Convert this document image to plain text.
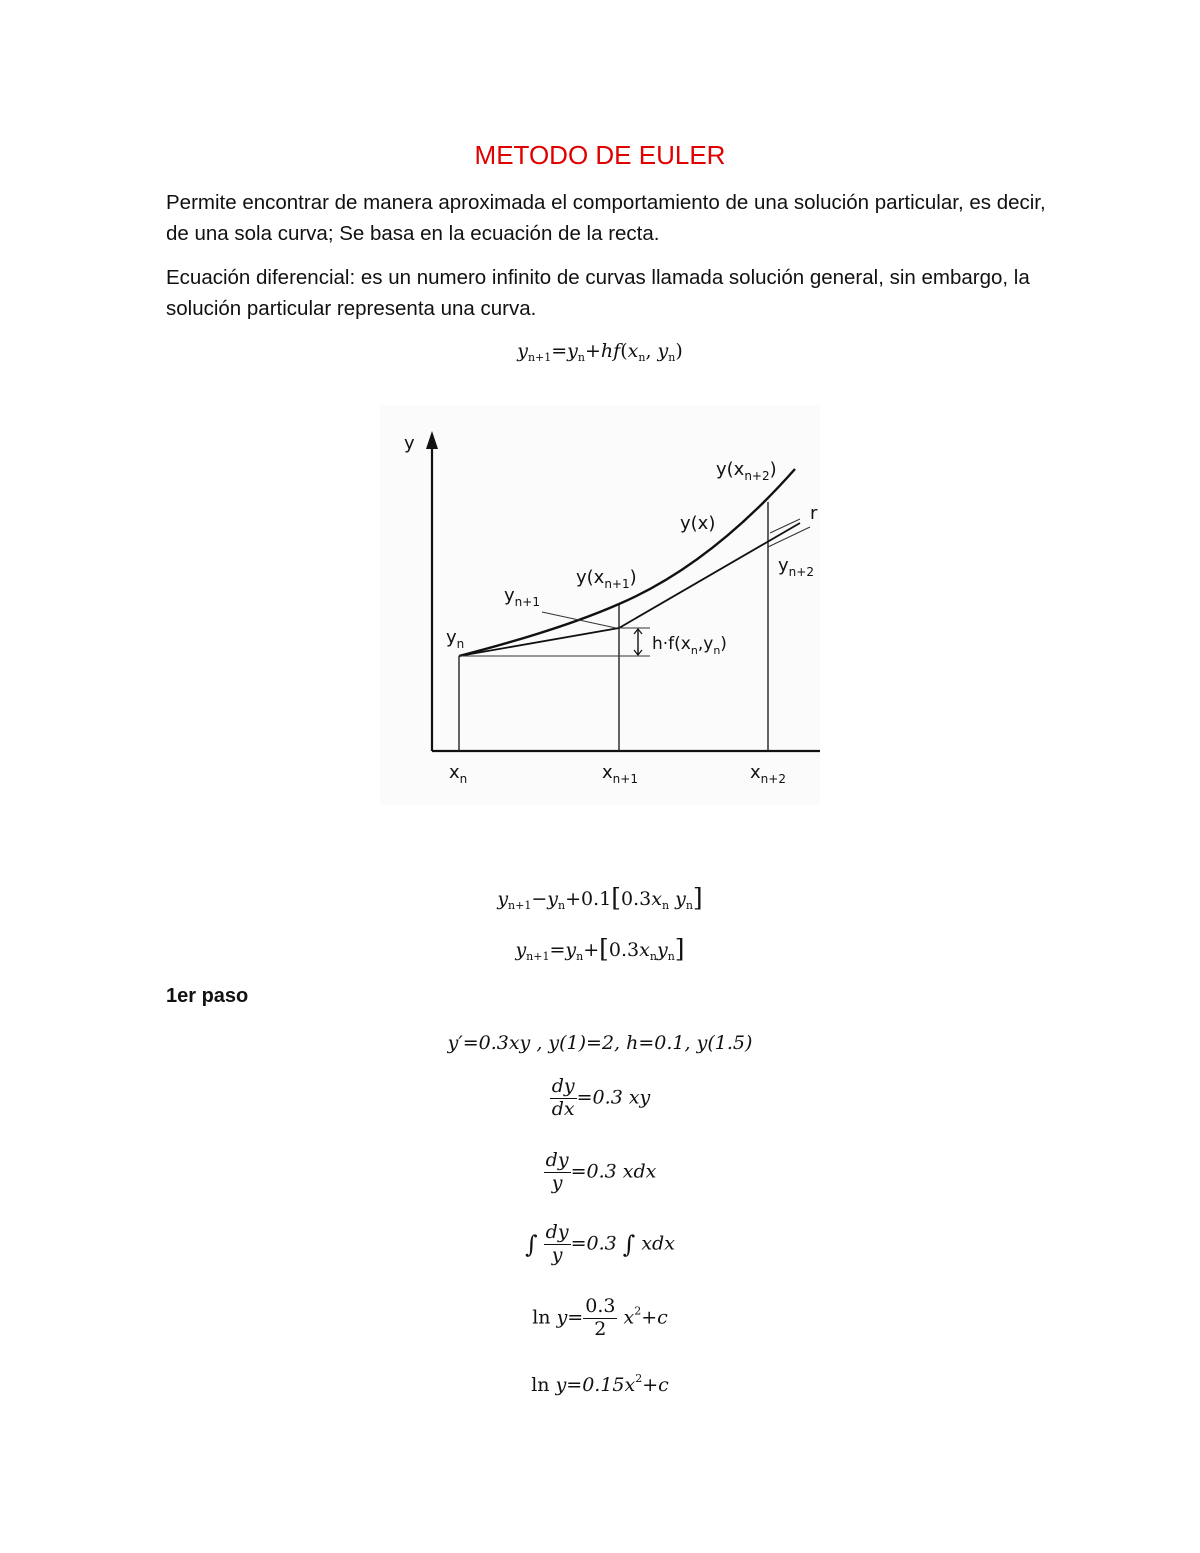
METODO DE EULER
Permite encontrar de manera aproximada el comportamiento de una solución particular, es decir, de una sola curva; Se basa en la ecuación de la recta.
Ecuación diferencial: es un numero infinito de curvas llamada solución general, sin embargo, la solución particular representa una curva.
$y_{n+1}=y_n+hf(x_n$, $y_n$)
y
$y(x_{n+2})$
y(x)	r
$y_{n+2}$
$y(x_{n+1})$
$y_{n+1}$
$y_n$	$h\cdot f(x_n,y_n)$
$x_n$	$x_{n+1}$	$x_{n+2}$
$y_{n+1}-y_n+0.1[0.3x_n$ $y_n$]
$y_{n+1}=y_n+[0.3x_ny_n]$
1er paso
y′=0.3xy , y(1)=2, h=0.1, y(1.5)
$\frac{dy}{dx} =0.3$ xy
$\frac{dy}{y} =0.3$ xdx
∫ $\frac{dy}{y} =0.3$ ∫ xdx
$\ln y= \frac{0.3}{2} x^2+c$
$\ln y=0.15x^2+c$
